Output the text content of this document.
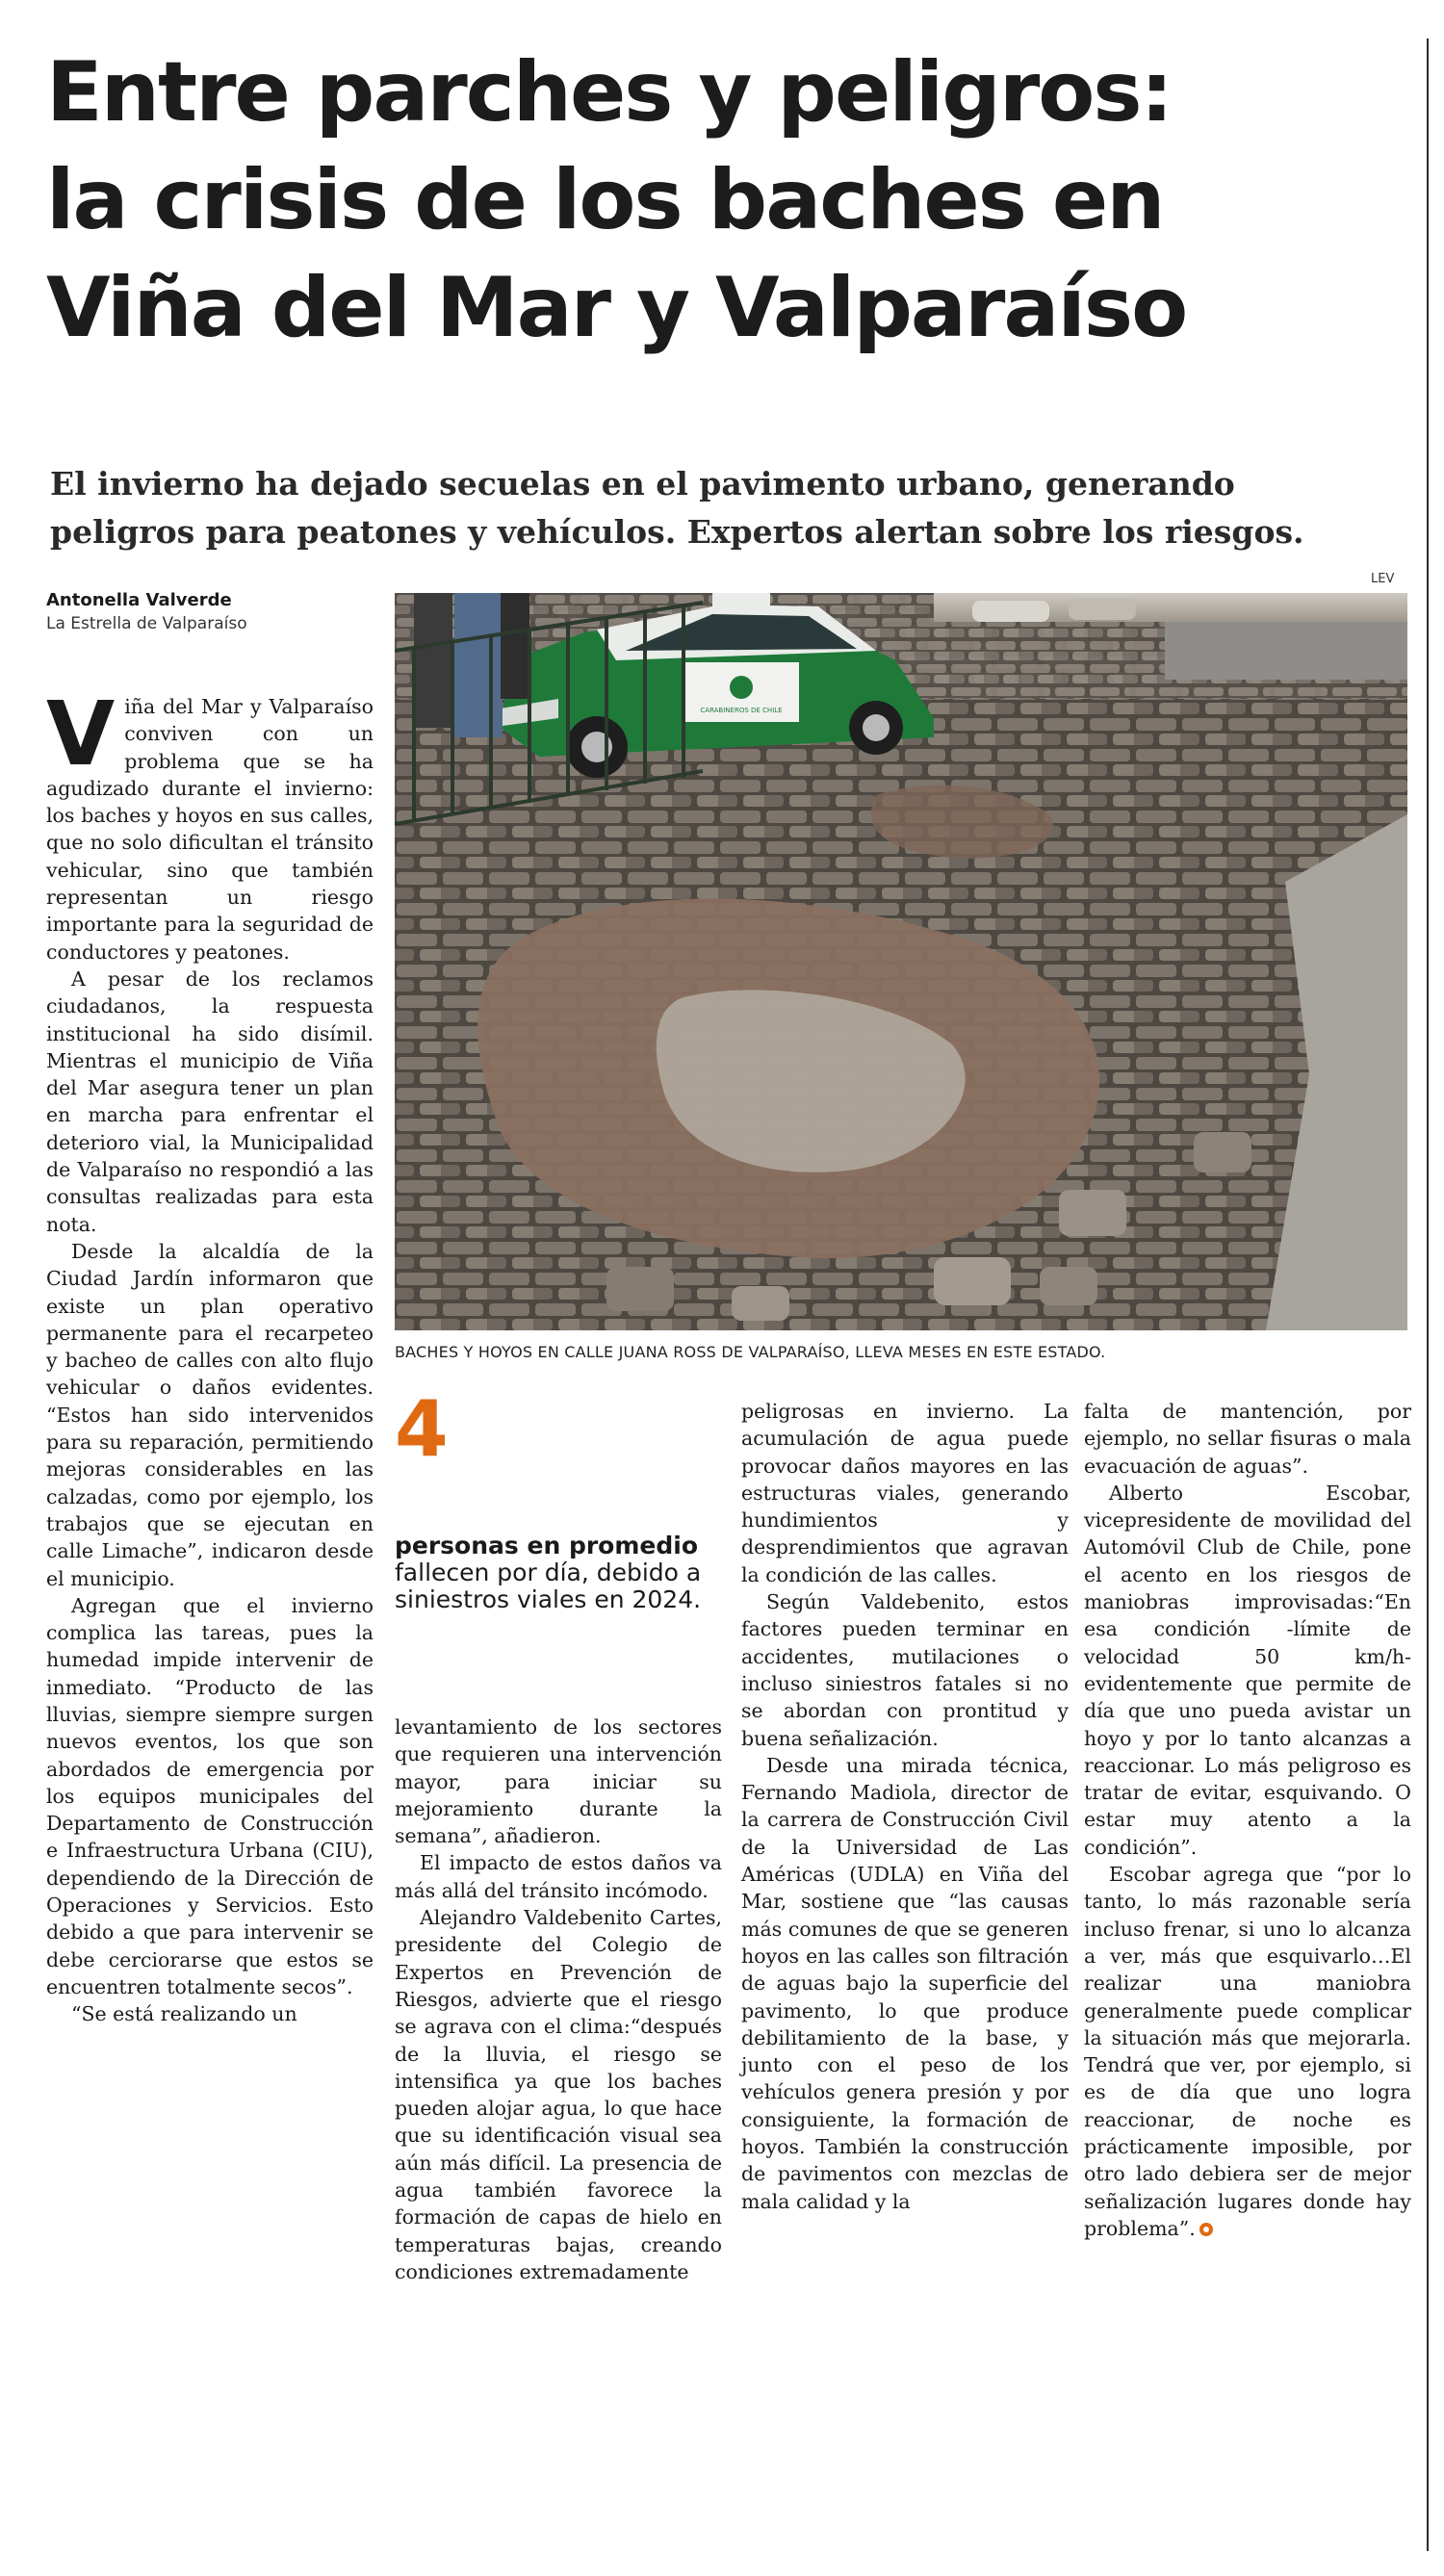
Entre parches y peligros:
la crisis de los baches en
Viña del Mar y Valparaíso
El invierno ha dejado secuelas en el pavimento urbano, generando
peligros para peatones y vehículos. Expertos alertan sobre los riesgos.
Antonella Valverde
La Estrella de Valparaíso
LEV
CARABINEROS DE CHILE
BACHES Y HOYOS EN CALLE JUANA ROSS DE VALPARAÍSO, LLEVA MESES EN ESTE ESTADO.
4
personas en promedio
fallecen por día, debido a siniestros viales en 2024.

Viña del Mar y Valparaíso conviven con un problema que se ha agudizado durante el invierno: los baches y hoyos en sus calles, que no solo dificultan el tránsito vehicular, sino que también representan un riesgo importante para la seguridad de conductores y peatones.

A pesar de los reclamos ciudadanos, la respuesta institucional ha sido disímil. Mientras el municipio de Viña del Mar asegura tener un plan en marcha para enfrentar el deterioro vial, la Municipalidad de Valparaíso no respondió a las consultas realizadas para esta nota.

Desde la alcaldía de la Ciudad Jardín informaron que existe un plan operativo permanente para el recarpeteo y bacheo de calles con alto flujo vehicular o daños evidentes. “Estos han sido intervenidos para su reparación, permitiendo mejoras considerables en las calzadas, como por ejemplo, los trabajos que se ejecutan en calle Limache”, indicaron desde el municipio.

Agregan que el invierno complica las tareas, pues la humedad impide intervenir de inmediato. “Producto de las lluvias, siempre siempre surgen nuevos eventos, los que son abordados de emergencia por los equipos municipales del Departamento de Construcción e Infraestructura Urbana (CIU), dependiendo de la Dirección de Operaciones y Servicios. Esto debido a que para intervenir se debe cerciorarse que estos se encuentren totalmente secos”.

“Se está realizando un

levantamiento de los sectores que requieren una intervención mayor, para iniciar su mejoramiento durante la semana”, añadieron.

El impacto de estos daños va más allá del tránsito incómodo.

Alejandro Valdebenito Cartes, presidente del Colegio de Expertos en Prevención de Riesgos, advierte que el riesgo se agrava con el clima:“después de la lluvia, el riesgo se intensifica ya que los baches pueden alojar agua, lo que hace que su identificación visual sea aún más difícil. La presencia de agua también favorece la formación de capas de hielo en temperaturas bajas, creando condiciones extremadamente

peligrosas en invierno. La acumulación de agua puede provocar daños mayores en las estructuras viales, generando hundimientos y desprendimientos que agravan la condición de las calles.

Según Valdebenito, estos factores pueden terminar en accidentes, mutilaciones o incluso siniestros fatales si no se abordan con prontitud y buena señalización.

Desde una mirada técnica, Fernando Madiola, director de la carrera de Construcción Civil de la Universidad de Las Américas (UDLA) en Viña del Mar, sostiene que “las causas más comunes de que se generen hoyos en las calles son filtración de aguas bajo la superficie del pavimento, lo que produce debilitamiento de la base, y junto con el peso de los vehículos genera presión y por consiguiente, la formación de hoyos. También la construcción de pavimentos con mezclas de mala calidad y la

falta de mantención, por ejemplo, no sellar fisuras o mala evacuación de aguas”.

Alberto Escobar, vicepresidente de movilidad del Automóvil Club de Chile, pone el acento en los riesgos de maniobras improvisadas:“En esa condición -límite de velocidad 50 km/h- evidentemente que permite de día que uno pueda avistar un hoyo y por lo tanto alcanzas a reaccionar. Lo más peligroso es tratar de evitar, esquivando. O estar muy atento a la condición”.

Escobar agrega que “por lo tanto, lo más razonable sería incluso frenar, si uno lo alcanza a ver, más que esquivarlo…El realizar una maniobra generalmente puede complicar la situación más que mejorarla. Tendrá que ver, por ejemplo, si es de día que uno logra reaccionar, de noche es prácticamente imposible, por otro lado debiera ser de mejor señalización lugares donde hay problema”.
